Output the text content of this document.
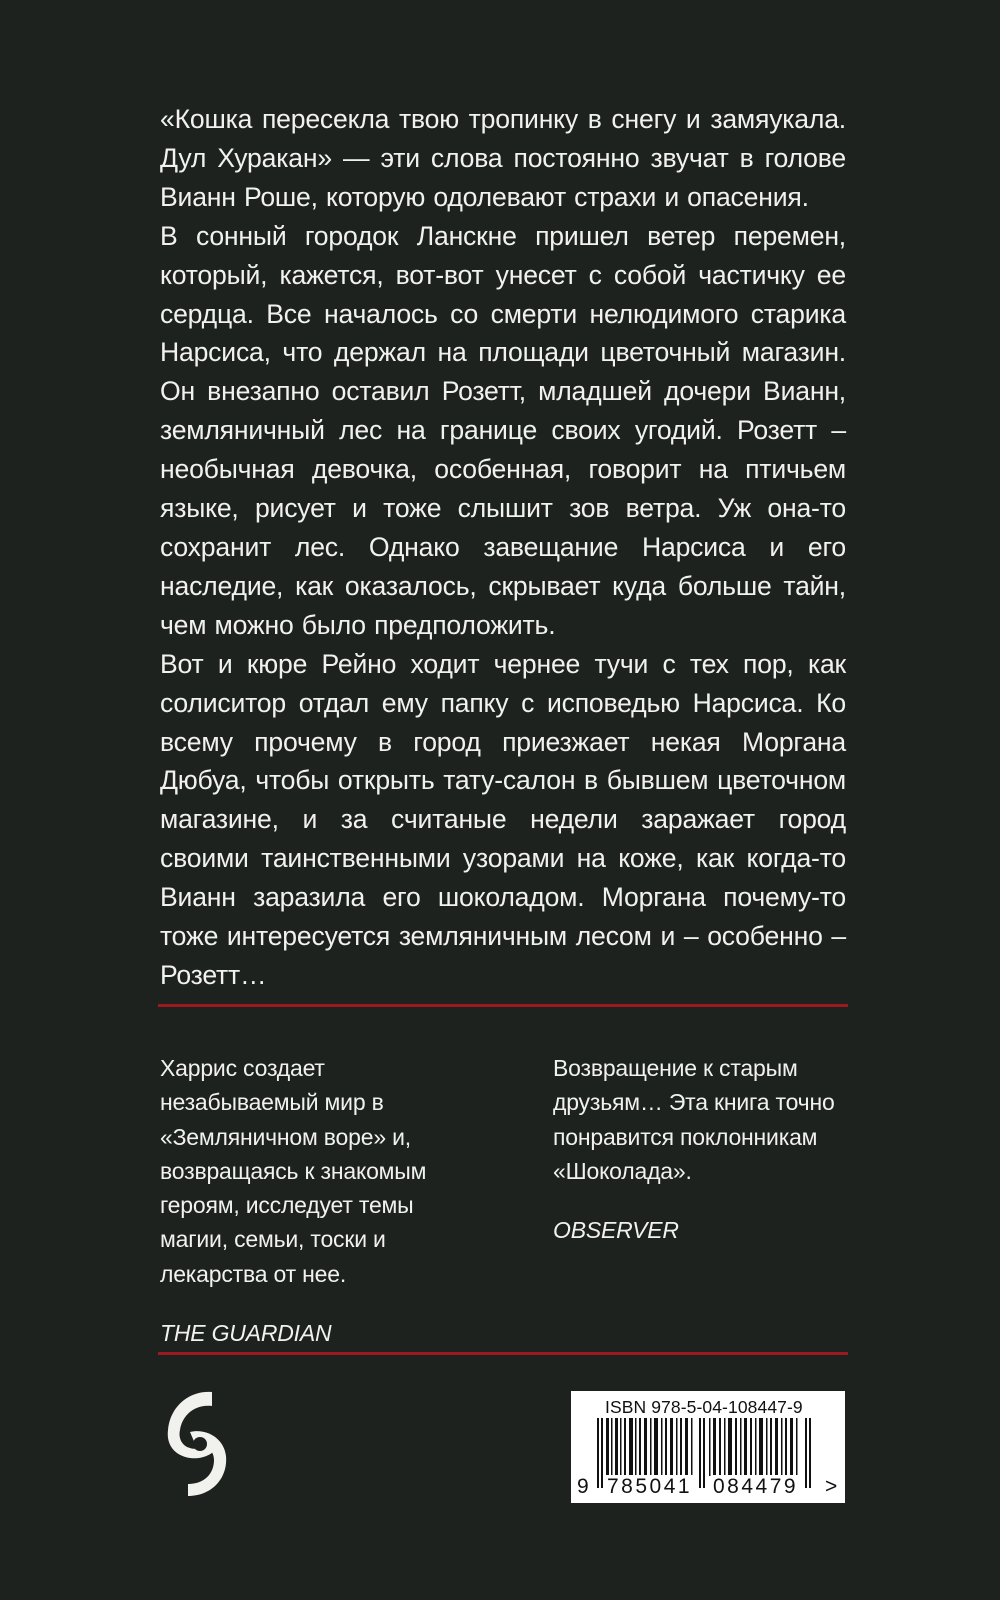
«Кошка пересекла твою тропинку в снегу и замяукала. Дул Хуракан» — эти слова постоянно звучат в голове Вианн Роше, которую одолевают страхи и опасения.

В сонный городок Ланскне пришел ветер перемен, который, кажется, вот-вот унесет с собой частичку ее сердца. Все началось со смерти нелюдимого старика Нарсиса, что держал на площади цветочный магазин. Он внезапно оставил Розетт, младшей дочери Вианн, земляничный лес на границе своих угодий. Розетт – необычная девочка, особенная, говорит на птичьем языке, рисует и тоже слышит зов ветра. Уж она-то сохранит лес. Однако завещание Нарсиса и его наследие, как оказалось, скрывает куда больше тайн, чем можно было предположить.

Вот и кюре Рейно ходит чернее тучи с тех пор, как солиситор отдал ему папку с исповедью Нарсиса. Ко всему прочему в город приезжает некая Моргана Дюбуа, чтобы открыть тату-салон в бывшем цветочном магазине, и за считаные недели заражает город своими таинственными узорами на коже, как когда-то Вианн заразила его шоколадом. Моргана почему-то тоже интересуется земляничным лесом и – особенно – Розетт…

Харрис создает незабываемый мир в «Земляничном воре» и, возвращаясь к знакомым героям, исследует темы магии, семьи, тоски и лекарства от нее.

THE GUARDIAN

Возвращение к старым друзьям… Эта книга точно понравится поклонникам «Шоколада».

OBSERVER

ISBN 978-5-04-108447-9
9 785041 084479 >
